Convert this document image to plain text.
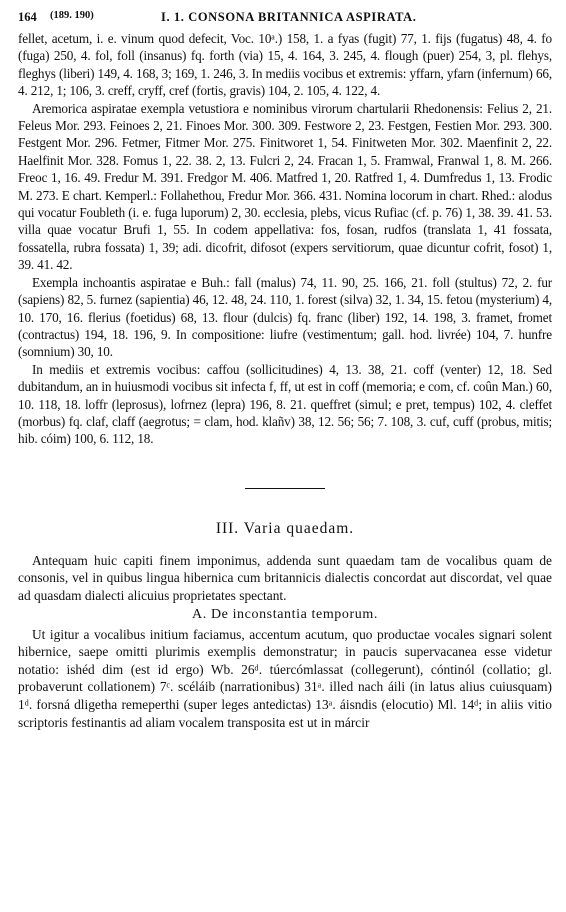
164 (189. 190)	I. 1. CONSONA BRITANNICA ASPIRATA.

fellet, acetum, i. e. vinum quod defecit, Voc. 10ᵃ.) 158, 1. a fyas (fugit) 77, 1. fijs (fugatus) 48, 4. fo (fuga) 250, 4. fol, foll (insanus) fq. forth (via) 15, 4. 164, 3. 245, 4. flough (puer) 254, 3, pl. flehys, fleghys (liberi) 149, 4. 168, 3; 169, 1. 246, 3. In mediis vocibus et extremis: yffarn, yfarn (infernum) 66, 4. 212, 1; 106, 3. creff, cryff, cref (fortis, gravis) 104, 2. 105, 4. 122, 4.

Aremorica aspiratae exempla vetustiora e nominibus virorum chartularii Rhedonensis: Felius 2, 21. Feleus Mor. 293. Feinoes 2, 21. Finoes Mor. 300. 309. Festwore 2, 23. Festgen, Festien Mor. 293. 300. Festgent Mor. 296. Fetmer, Fitmer Mor. 275. Finitworet 1, 54. Finitweten Mor. 302. Maenfinit 2, 22. Haelfinit Mor. 328. Fomus 1, 22. 38. 2, 13. Fulcri 2, 24. Fracan 1, 5. Framwal, Franwal 1, 8. M. 266. Freoc 1, 16. 49. Fredur M. 391. Fredgor M. 406. Matfred 1, 20. Ratfred 1, 4. Dumfredus 1, 13. Frodic M. 273. E chart. Kemperl.: Follahethou, Fredur Mor. 366. 431. Nomina locorum in chart. Rhed.: alodus qui vocatur Foubleth (i. e. fuga luporum) 2, 30. ecclesia, plebs, vicus Rufiac (cf. p. 76) 1, 38. 39. 41. 53. villa quae vocatur Brufi 1, 55. In codem appellativa: fos, fosan, rudfos (translata 1, 41 fossata, fossatella, rubra fossata) 1, 39; adi. dicofrit, difosot (expers servitiorum, quae dicuntur cofrit, fosot) 1, 39. 41. 42.

Exempla inchoantis aspiratae e Buh.: fall (malus) 74, 11. 90, 25. 166, 21. foll (stultus) 72, 2. fur (sapiens) 82, 5. furnez (sapientia) 46, 12. 48, 24. 110, 1. forest (silva) 32, 1. 34, 15. fetou (mysterium) 4, 10. 170, 16. flerius (foetidus) 68, 13. flour (dulcis) fq. franc (liber) 192, 14. 198, 3. framet, fromet (contractus) 194, 18. 196, 9. In compositione: liufre (vestimentum; gall. hod. livrée) 104, 7. hunfre (somnium) 30, 10.

In mediis et extremis vocibus: caffou (sollicitudines) 4, 13. 38, 21. coff (venter) 12, 18. Sed dubitandum, an in huiusmodi vocibus sit infecta f, ff, ut est in coff (memoria; e com, cf. coûn Man.) 60, 10. 118, 18. loffr (leprosus), lofrnez (lepra) 196, 8. 21. queffret (simul; e pret, tempus) 102, 4. cleffet (morbus) fq. claf, claff (aegrotus; = clam, hod. klañv) 38, 12. 56; 56; 7. 108, 3. cuf, cuff (probus, mitis; hib. cóim) 100, 6. 112, 18.

III. Varia quaedam.

Antequam huic capiti finem imponimus, addenda sunt quaedam tam de vocalibus quam de consonis, vel in quibus lingua hibernica cum britannicis dialectis concordat aut discordat, vel quae ad quasdam dialecti alicuius proprietates spectant.

A. De inconstantia temporum.

Ut igitur a vocalibus initium faciamus, accentum acutum, quo productae vocales signari solent hibernice, saepe omitti plurimis exemplis demonstratur; in paucis supervacanea esse videtur notatio: ishéd dim (est id ergo) Wb. 26ᵈ. túercómlassat (collegerunt), cóntinól (collatio; gl. probaverunt collationem) 7ᶜ. scéláib (narrationibus) 31ᵃ. illed nach áili (in latus alius cuiusquam) 1ᵈ. forsná dligetha remeperthi (super leges antedictas) 13ᵃ. áisndis (elocutio) Ml. 14ᵈ; in aliis vitio scriptoris festinantis ad aliam vocalem transposita est ut in márcir
